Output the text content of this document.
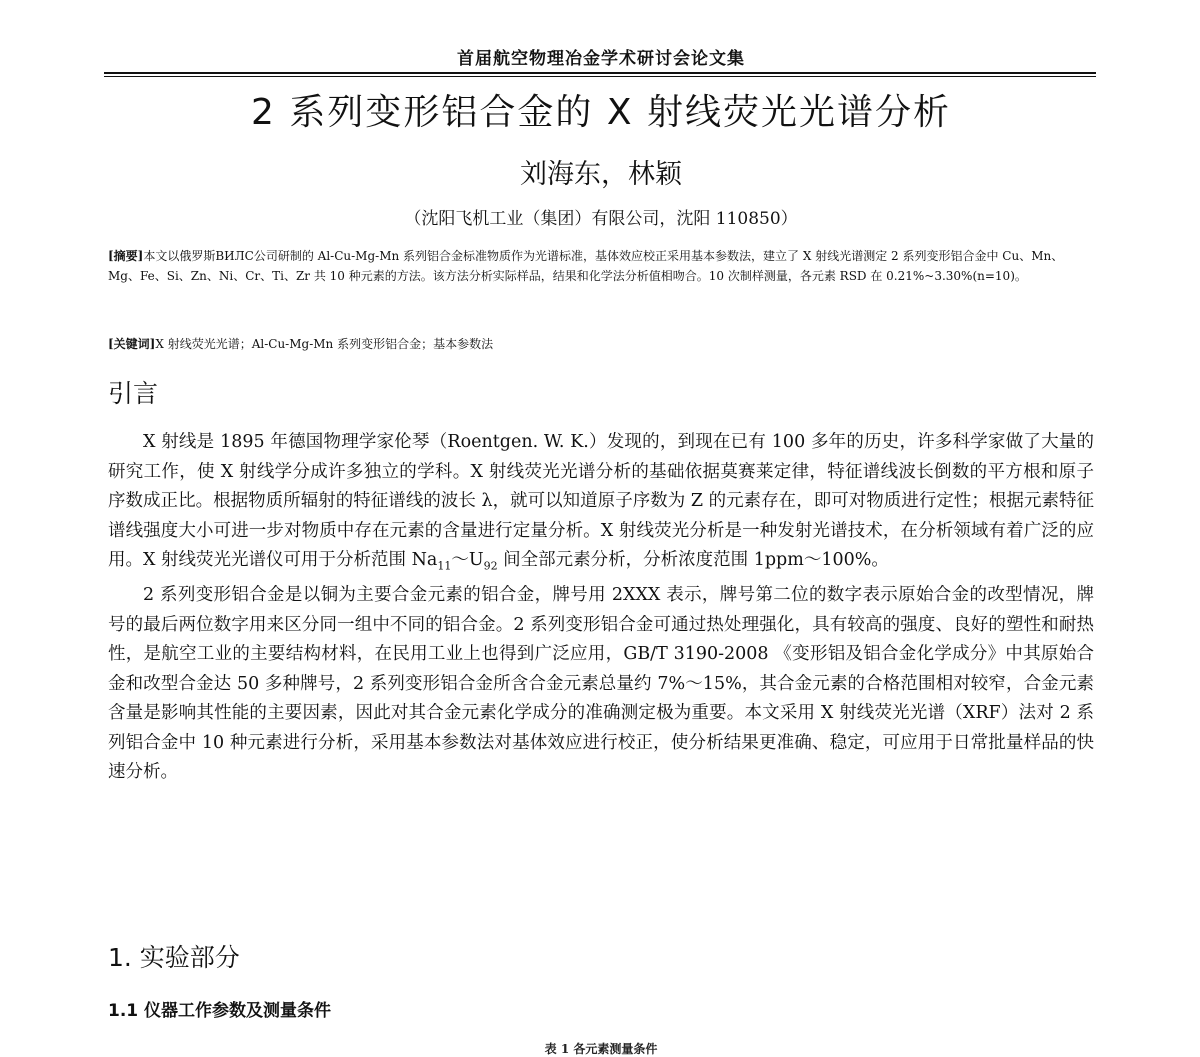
首届航空物理冶金学术研讨会论文集
2 系列变形铝合金的 X 射线荧光光谱分析
刘海东，林颖
（沈阳飞机工业（集团）有限公司，沈阳 110850）
[摘要]本文以俄罗斯ВИЛС公司研制的 Al-Cu-Mg-Mn 系列铝合金标准物质作为光谱标准，基体效应校正采用基本参数法，建立了 X 射线光谱测定 2 系列变形铝合金中 Cu、Mn、Mg、Fe、Si、Zn、Ni、Cr、Ti、Zr 共 10 种元素的方法。该方法分析实际样品，结果和化学法分析值相吻合。10 次制样测量，各元素 RSD 在 0.21%~3.30%(n=10)。
[关键词]X 射线荧光光谱；Al-Cu-Mg-Mn 系列变形铝合金；基本参数法
引言

X 射线是 1895 年德国物理学家伦琴（Roentgen. W. K.）发现的，到现在已有 100 多年的历史，许多科学家做了大量的研究工作，使 X 射线学分成许多独立的学科。X 射线荧光光谱分析的基础依据莫赛莱定律，特征谱线波长倒数的平方根和原子序数成正比。根据物质所辐射的特征谱线的波长 λ，就可以知道原子序数为 Z 的元素存在，即可对物质进行定性；根据元素特征谱线强度大小可进一步对物质中存在元素的含量进行定量分析。X 射线荧光分析是一种发射光谱技术，在分析领域有着广泛的应用。X 射线荧光光谱仪可用于分析范围 $Na_{11}\sim U_{92}$ 间全部元素分析，分析浓度范围 1ppm～100%。

2 系列变形铝合金是以铜为主要合金元素的铝合金，牌号用 2XXX 表示，牌号第二位的数字表示原始合金的改型情况，牌号的最后两位数字用来区分同一组中不同的铝合金。2 系列变形铝合金可通过热处理强化，具有较高的强度、良好的塑性和耐热性，是航空工业的主要结构材料，在民用工业上也得到广泛应用，GB/T 3190-2008 《变形铝及铝合金化学成分》中其原始合金和改型合金达 50 多种牌号，2 系列变形铝合金所含合金元素总量约 7%～15%，其合金元素的合格范围相对较窄，合金元素含量是影响其性能的主要因素，因此对其合金元素化学成分的准确测定极为重要。本文采用 X 射线荧光光谱（XRF）法对 2 系列铝合金中 10 种元素进行分析，采用基本参数法对基体效应进行校正，使分析结果更准确、稳定，可应用于日常批量样品的快速分析。

1. 实验部分
1.1 仪器工作参数及测量条件
表 1 各元素测量条件
